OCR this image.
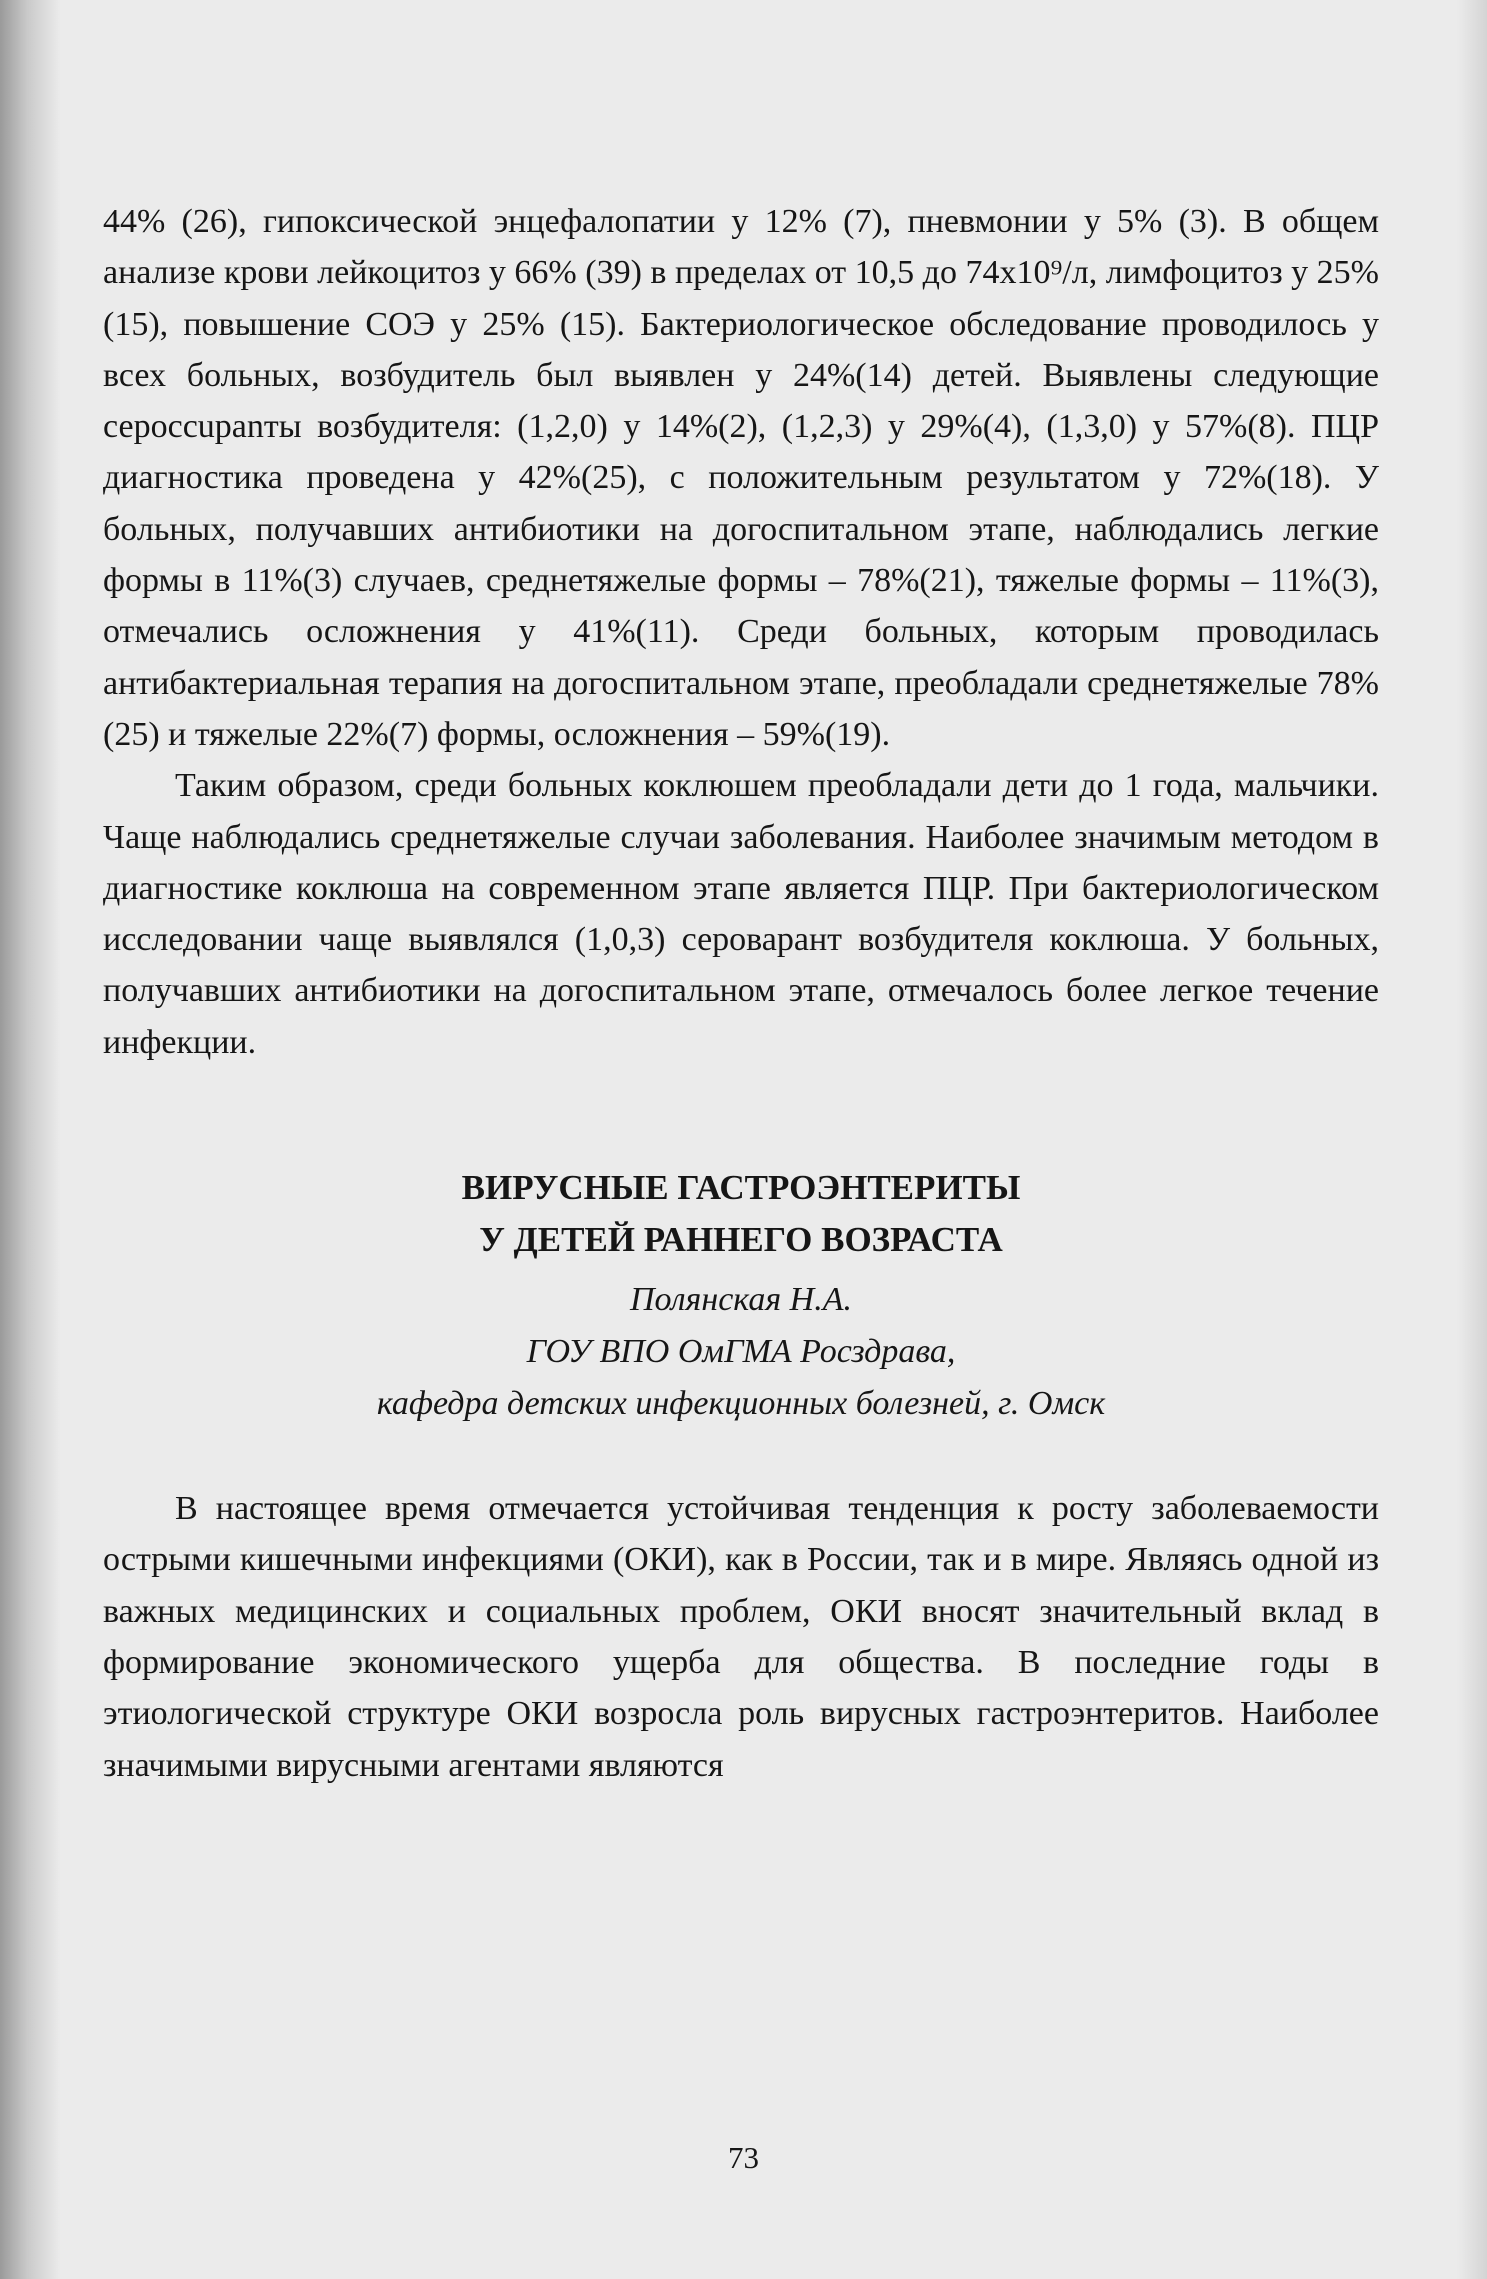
44% (26), гипоксической энцефалопатии у 12% (7), пневмонии у 5% (3). В общем анализе крови лейкоцитоз у 66% (39) в пределах от 10,5 до 74х10⁹/л, лимфоцитоз у 25% (15), повышение СОЭ у 25% (15). Бактериологическое обследование проводилось у всех больных, возбудитель был выявлен у 24%(14) детей. Выявлены следующие серoccupanты возбудителя: (1,2,0) у 14%(2), (1,2,3) у 29%(4), (1,3,0) у 57%(8). ПЦР диагностика проведена у 42%(25), с положительным результатом у 72%(18). У больных, получавших антибиотики на догоспитальном этапе, наблюдались легкие формы в 11%(3) случаев, среднетяжелые формы – 78%(21), тяжелые формы – 11%(3), отмечались осложнения у 41%(11). Среди больных, которым проводилась антибактериальная терапия на догоспитальном этапе, преобладали среднетяжелые 78%(25) и тяжелые 22%(7) формы, осложнения – 59%(19).

Таким образом, среди больных коклюшем преобладали дети до 1 года, мальчики. Чаще наблюдались среднетяжелые случаи заболевания. Наиболее значимым методом в диагностике коклюша на современном этапе является ПЦР. При бактериологическом исследовании чаще выявлялся (1,0,3) сероварант возбудителя коклюша. У больных, получавших антибиотики на догоспитальном этапе, отмечалось более легкое течение инфекции.

ВИРУСНЫЕ ГАСТРОЭНТЕРИТЫ
У ДЕТЕЙ РАННЕГО ВОЗРАСТА
Полянская Н.А.
ГОУ ВПО ОмГМА Росздрава,
кафедра детских инфекционных болезней, г. Омск

В настоящее время отмечается устойчивая тенденция к росту заболеваемости острыми кишечными инфекциями (ОКИ), как в России, так и в мире. Являясь одной из важных медицинских и социальных проблем, ОКИ вносят значительный вклад в формирование экономического ущерба для общества. В последние годы в этиологической структуре ОКИ возросла роль вирусных гастроэнтеритов. Наиболее значимыми вирусными агентами являются

73
